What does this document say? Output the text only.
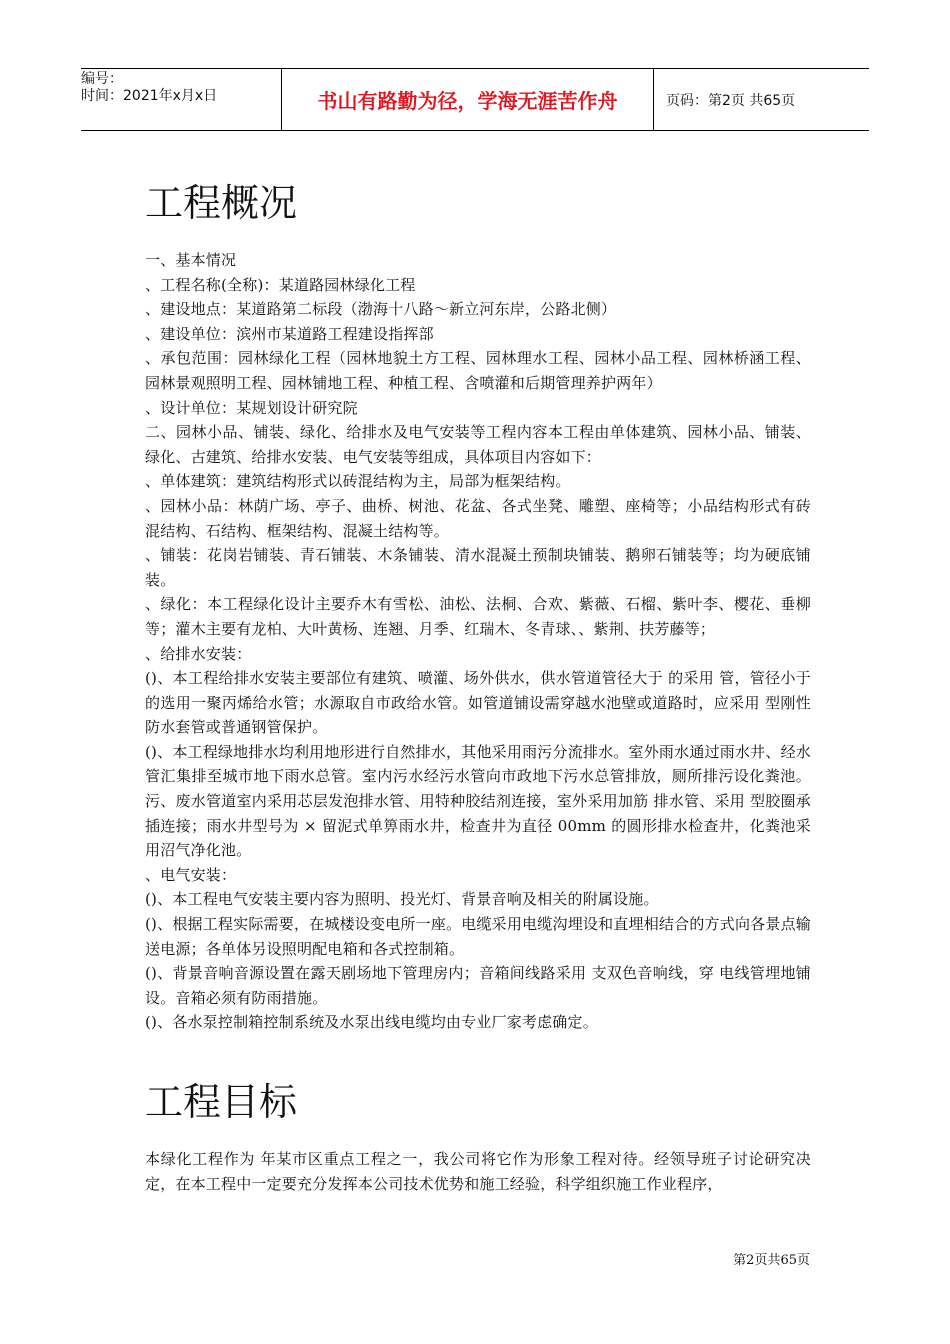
编号：
时间：2021年x月x日	书山有路勤为径，学海无涯苦作舟	页码：第2页 共65页
工程概况

一、基本情况

、工程名称(全称)：某道路园林绿化工程

、建设地点：某道路第二标段（渤海十八路～新立河东岸，公路北侧）

、建设单位：滨州市某道路工程建设指挥部

、承包范围：园林绿化工程（园林地貌土方工程、园林理水工程、园林小品工程、园林桥涵工程、园林景观照明工程、园林铺地工程、种植工程、含喷灌和后期管理养护两年）

、设计单位：某规划设计研究院

二、园林小品、铺装、绿化、给排水及电气安装等工程内容本工程由单体建筑、园林小品、铺装、绿化、古建筑、给排水安装、电气安装等组成，具体项目内容如下：

、单体建筑：建筑结构形式以砖混结构为主，局部为框架结构。

、园林小品：林荫广场、亭子、曲桥、树池、花盆、各式坐凳、雕塑、座椅等；小品结构形式有砖混结构、石结构、框架结构、混凝土结构等。

、铺装：花岗岩铺装、青石铺装、木条铺装、清水混凝土预制块铺装、鹅卵石铺装等；均为硬底铺装。

、绿化：本工程绿化设计主要乔木有雪松、油松、法桐、合欢、紫薇、石榴、紫叶李、樱花、垂柳等；灌木主要有龙柏、大叶黄杨、连翘、月季、红瑞木、冬青球、、紫荆、扶芳藤等；

、给排水安装：

()、本工程给排水安装主要部位有建筑、喷灌、场外供水，供水管道管径大于 的采用 管，管径小于 的选用一聚丙烯给水管；水源取自市政给水管。如管道铺设需穿越水池壁或道路时，应采用 型刚性防水套管或普通钢管保护。

()、本工程绿地排水均利用地形进行自然排水，其他采用雨污分流排水。室外雨水通过雨水井、经水管汇集排至城市地下雨水总管。室内污水经污水管向市政地下污水总管排放，厕所排污设化粪池。污、废水管道室内采用芯层发泡排水管、用特种胶结剂连接，室外采用加筋 排水管、采用 型胶圈承插连接；雨水井型号为 × 留泥式单箅雨水井，检查井为直径 00mm 的圆形排水检查井，化粪池采用沼气净化池。

、电气安装：

()、本工程电气安装主要内容为照明、投光灯、背景音响及相关的附属设施。

()、根据工程实际需要，在城楼设变电所一座。电缆采用电缆沟埋设和直埋相结合的方式向各景点输送电源；各单体另设照明配电箱和各式控制箱。

()、背景音响音源设置在露天剧场地下管理房内；音箱间线路采用 支双色音响线，穿 电线管埋地铺设。音箱必须有防雨措施。

()、各水泵控制箱控制系统及水泵出线电缆均由专业厂家考虑确定。

工程目标

本绿化工程作为 年某市区重点工程之一，我公司将它作为形象工程对待。经领导班子讨论研究决定，在本工程中一定要充分发挥本公司技术优势和施工经验，科学组织施工作业程序，

第2页共65页
